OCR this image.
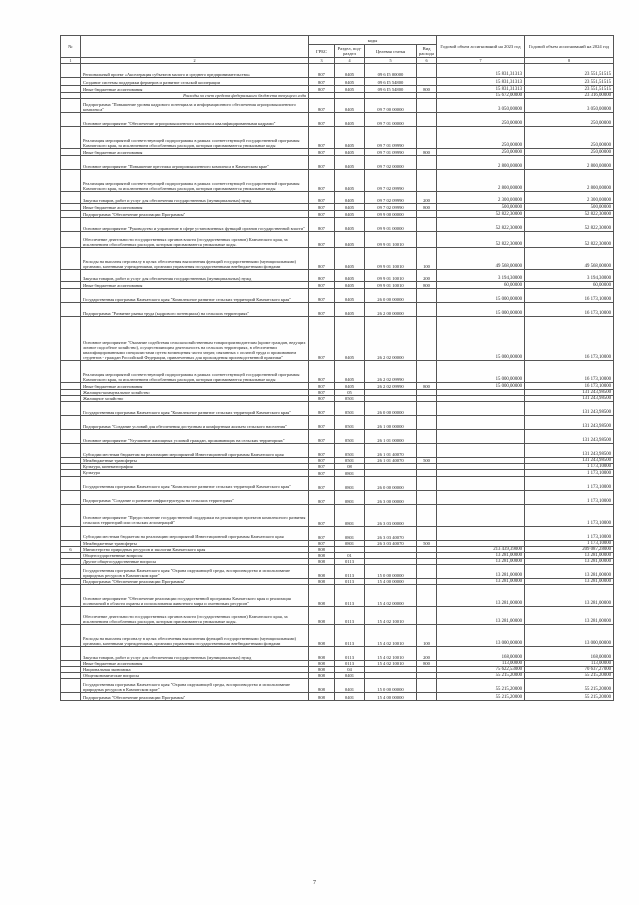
№		коды				Годовой объем ассигнований на 2023 год	Годовой объем ассигнований на 2024 год
		ГРБС	Раздел, под-раздел	Целевая статья	Вид расхода		
1	2	3	4	5	6	7	8
	Региональный проект «Акселерация субъектов малого и среднего предпринимательства»	807	0405	09 6 I5 00000		15 831,31313	23 551,51515
	Создание системы поддержки фермеров и развитие сельской кооперации	807	0405	09 6 I5 54800		15 831,31313	23 551,51515
	Иные бюджетные ассигнования	807	0405	09 6 I5 54800	800	15 831,31313	23 551,51515
	Расходы за счет средств федерального бюджета текущего года					15 672,00000	23 316,00000
	Подпрограмма "Повышение уровня кадрового потенциала и информационного обеспечения агропромышленного комплекса"	807	0405	09 7 00 00000		3 050,00000	3 050,00000
	Основное мероприятие "Обеспечение агропромышленного комплекса квалифицированными кадрами"	807	0405	09 7 01 00000		250,00000	250,00000
	Реализация мероприятий соответствующей подпрограммы в рамках соответствующей государственной программы Камчатского края, за исключением обособленных расходов, которым присваиваются уникальные коды	807	0405	09 7 01 09990		250,00000	250,00000
	Иные бюджетные ассигнования	807	0405	09 7 01 09990	800	250,00000	250,00000
	Основное мероприятие "Повышение престижа агропромышленного комплекса в Камчатском крае"	807	0405	09 7 02 00000		2 800,00000	2 800,00000
	Реализация мероприятий соответствующей подпрограммы в рамках соответствующей государственной программы Камчатского края, за исключением обособленных расходов, которым присваиваются уникальные коды	807	0405	09 7 02 09990		2 800,00000	2 800,00000
	Закупка товаров, работ и услуг для обеспечения государственных (муниципальных) нужд	807	0405	09 7 02 09990	200	2 300,00000	2 300,00000
	Иные бюджетные ассигнования	807	0405	09 7 02 09990	800	500,00000	500,00000
	Подпрограмма "Обеспечение реализации Программы"	807	0405	09 9 00 00000		52 822,30000	52 822,30000
	Основное мероприятие "Руководство и управление в сфере установленных функций органов государственной власти"	807	0405	09 9 01 00000		52 822,30000	52 822,30000
	Обеспечение деятельности государственных органов власти (государственных органов) Камчатского края, за исключением обособленных расходов, которым присваиваются уникальные коды.	807	0405	09 9 01 10010		52 822,30000	52 822,30000
	Расходы на выплаты персоналу в целях обеспечения выполнения функций государственными (муниципальными) органами, казенными учреждениями, органами управления государственными внебюджетными фондами	807	0405	09 9 01 10010	100	49 568,00000	49 568,00000
	Закупка товаров, работ и услуг для обеспечения государственных (муниципальных) нужд	807	0405	09 9 01 10010	200	3 194,30000	3 194,30000
	Иные бюджетные ассигнования	807	0405	09 9 01 10010	800	60,00000	60,00000
	Государственная программа Камчатского края "Комплексное развитие сельских территорий Камчатского края"	807	0405	26 0 00 00000		15 000,00000	16 173,10000
	Подпрограмма "Развитие рынка труда (кадрового потенциала) на сельских территориях"	807	0405	26 2 00 00000		15 000,00000	16 173,10000
	Основное мероприятие "Оказание содействия сельскохозяйственным товаропроизводителям (кроме граждан, ведущих личное подсобное хозяйство), осуществляющим деятельность на сельских территориях, в обеспечении квалифицированными специалистами путем возмещения части затрат, связанных с оплатой труда и проживанием студентов - граждан Российской Федерации, привлеченных для прохождения производственной практики"	807	0405	26 2 02 00000		15 000,00000	16 173,10000
	Реализация мероприятий соответствующей подпрограммы в рамках соответствующей государственной программы Камчатского края, за исключением обособленных расходов, которым присваиваются уникальные коды	807	0405	26 2 02 09990		15 000,00000	16 173,10000
	Иные бюджетные ассигнования	807	0405	26 2 02 09990	800	15 000,00000	16 173,10000
	Жилищно-коммунальное хозяйство	807	05				131 243,98500
	Жилищное хозяйство	807	0501				131 243,98500
	Государственная программа Камчатского края "Комплексное развитие сельских территорий Камчатского края"	807	0501	26 0 00 00000			131 243,98500
	Подпрограмма "Создание условий для обеспечения доступным и комфортным жильем сельского населения"	807	0501	26 1 00 00000			131 243,98500
	Основное мероприятие "Улучшение жилищных условий граждан, проживающих на сельских территориях"	807	0501	26 1 01 00000			131 243,98500
	Субсидии местным бюджетам на реализацию мероприятий Инвестиционной программы Камчатского края	807	0501	26 1 01 40070			131 243,98500
	Межбюджетные трансферты	807	0501	26 1 01 40070	500		131 243,98500
	Культура, кинематография	807	08				1 173,10000
	Культура	807	0801				1 173,10000
	Государственная программа Камчатского края "Комплексное развитие сельских территорий Камчатского края"	807	0801	26 0 00 00000			1 173,10000
	Подпрограмма "Создание и развитие инфраструктуры на сельских территориях"	807	0801	26 3 00 00000			1 173,10000
	Основное мероприятие "Предоставление государственной поддержки на реализацию проектов комплексного развития сельских территорий или сельских агломераций"	807	0801	26 3 03 00000			1 173,10000
	Субсидии местным бюджетам на реализацию мероприятий Инвестиционной программы Камчатского края	807	0801	26 3 03 40070			1 173,10000
	Межбюджетные трансферты	807	0801	26 3 03 40070	500		1 173,10000
6	Министерство природных ресурсов и экологии Камчатского края	808				213 439,39000	209 087,28000
	Общегосударственные вопросы	808	01			13 281,00000	13 281,00000
	Другие общегосударственные вопросы	808	0113			13 281,00000	13 281,00000
	Государственная программа Камчатского края "Охрана окружающей среды, воспроизводство и использование природных ресурсов в Камчатском крае"	808	0113	15 0 00 00000		13 281,00000	13 281,00000
	Подпрограмма "Обеспечение реализации Программы"	808	0113	15 4 00 00000		13 281,00000	13 281,00000
	Основное мероприятие "Обеспечение реализации государственной программы Камчатского края и реализация полномочий в области охраны и использования животного мира и охотничьих ресурсов"	808	0113	15 4 02 00000		13 281,00000	13 281,00000
	Обеспечение деятельности государственных органов власти (государственных органов) Камчатского края, за исключением обособленных расходов, которым присваиваются уникальные коды.	808	0113	15 4 02 10010		13 281,00000	13 281,00000
	Расходы на выплаты персоналу в целях обеспечения выполнения функций государственными (муниципальными) органами, казенными учреждениями, органами управления государственными внебюджетными фондами	808	0113	15 4 02 10010	100	13 000,00000	13 000,00000
	Закупка товаров, работ и услуг для обеспечения государственных (муниципальных) нужд	808	0113	15 4 02 10010	200	168,00000	168,00000
	Иные бюджетные ассигнования	808	0113	15 4 02 10010	800	113,00000	113,00000
	Национальная экономика	808	04			75 622,53000	70 637,27000
	Общеэкономические вопросы	808	0401			55 215,20000	55 215,20000
	Государственная программа Камчатского края "Охрана окружающей среды, воспроизводство и использование природных ресурсов в Камчатском крае"	808	0401	15 0 00 00000		55 215,20000	55 215,20000
	Подпрограмма "Обеспечение реализации Программы"	808	0401	15 4 00 00000		55 215,20000	55 215,20000
7
